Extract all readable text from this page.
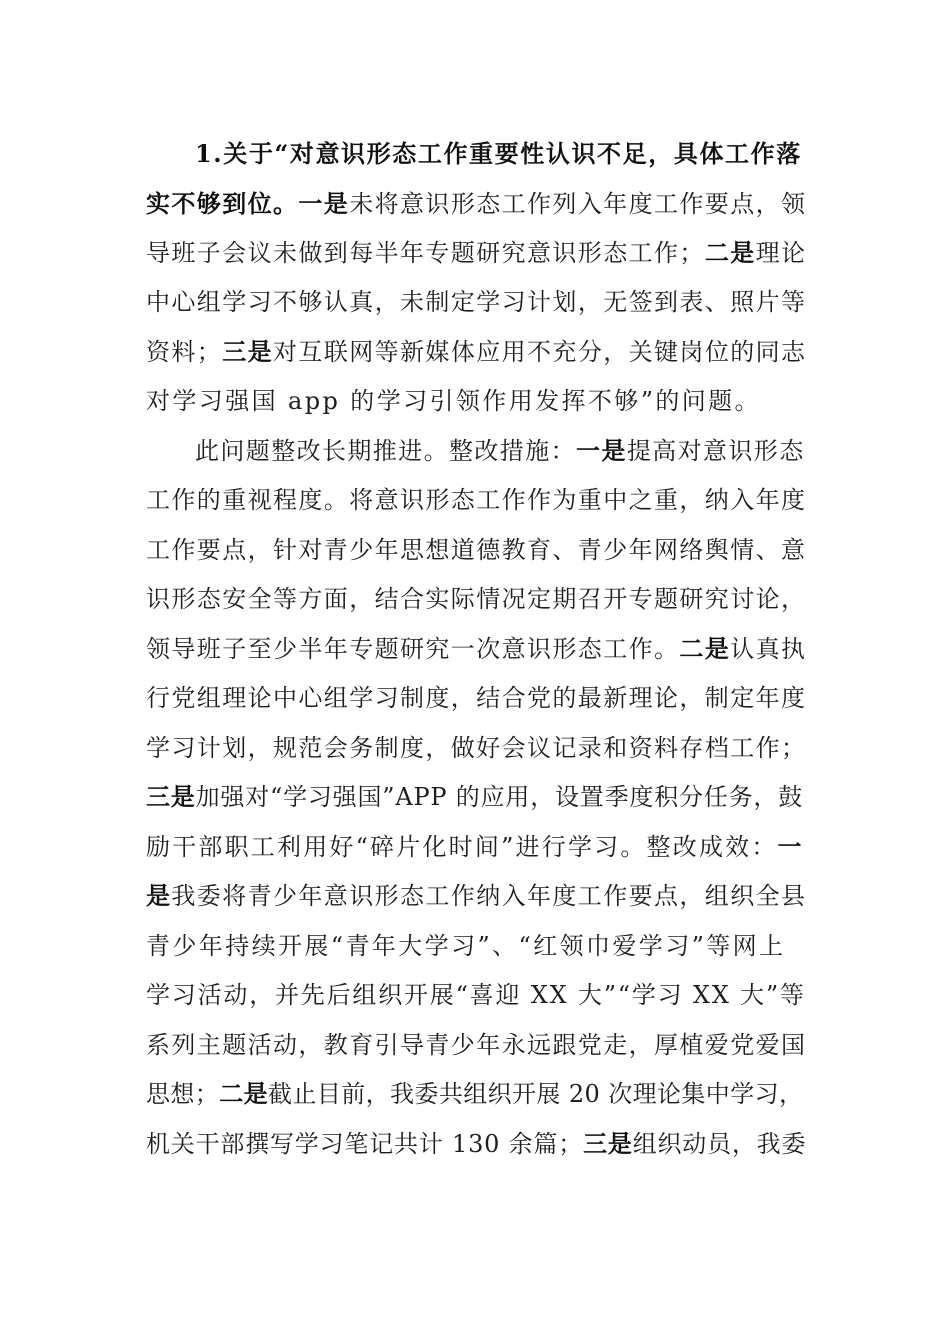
1.关于“对意识形态工作重要性认识不足，具体工作落
实不够到位。一是未将意识形态工作列入年度工作要点，领
导班子会议未做到每半年专题研究意识形态工作；二是理论
中心组学习不够认真，未制定学习计划，无签到表、照片等
资料；三是对互联网等新媒体应用不充分，关键岗位的同志
对学习强国 app 的学习引领作用发挥不够”的问题。
此问题整改长期推进。整改措施：一是提高对意识形态
工作的重视程度。将意识形态工作作为重中之重，纳入年度
工作要点，针对青少年思想道德教育、青少年网络舆情、意
识形态安全等方面，结合实际情况定期召开专题研究讨论，
领导班子至少半年专题研究一次意识形态工作。二是认真执
行党组理论中心组学习制度，结合党的最新理论，制定年度
学习计划，规范会务制度，做好会议记录和资料存档工作；
三是加强对“学习强国”APP 的应用，设置季度积分任务，鼓
励干部职工利用好“碎片化时间”进行学习。整改成效：一
是我委将青少年意识形态工作纳入年度工作要点，组织全县
青少年持续开展“青年大学习”、“红领巾爱学习”等网上
学习活动，并先后组织开展“喜迎 XX 大”“学习 XX 大”等
系列主题活动，教育引导青少年永远跟党走，厚植爱党爱国
思想；二是截止目前，我委共组织开展 20 次理论集中学习，
机关干部撰写学习笔记共计 130 余篇；三是组织动员，我委
